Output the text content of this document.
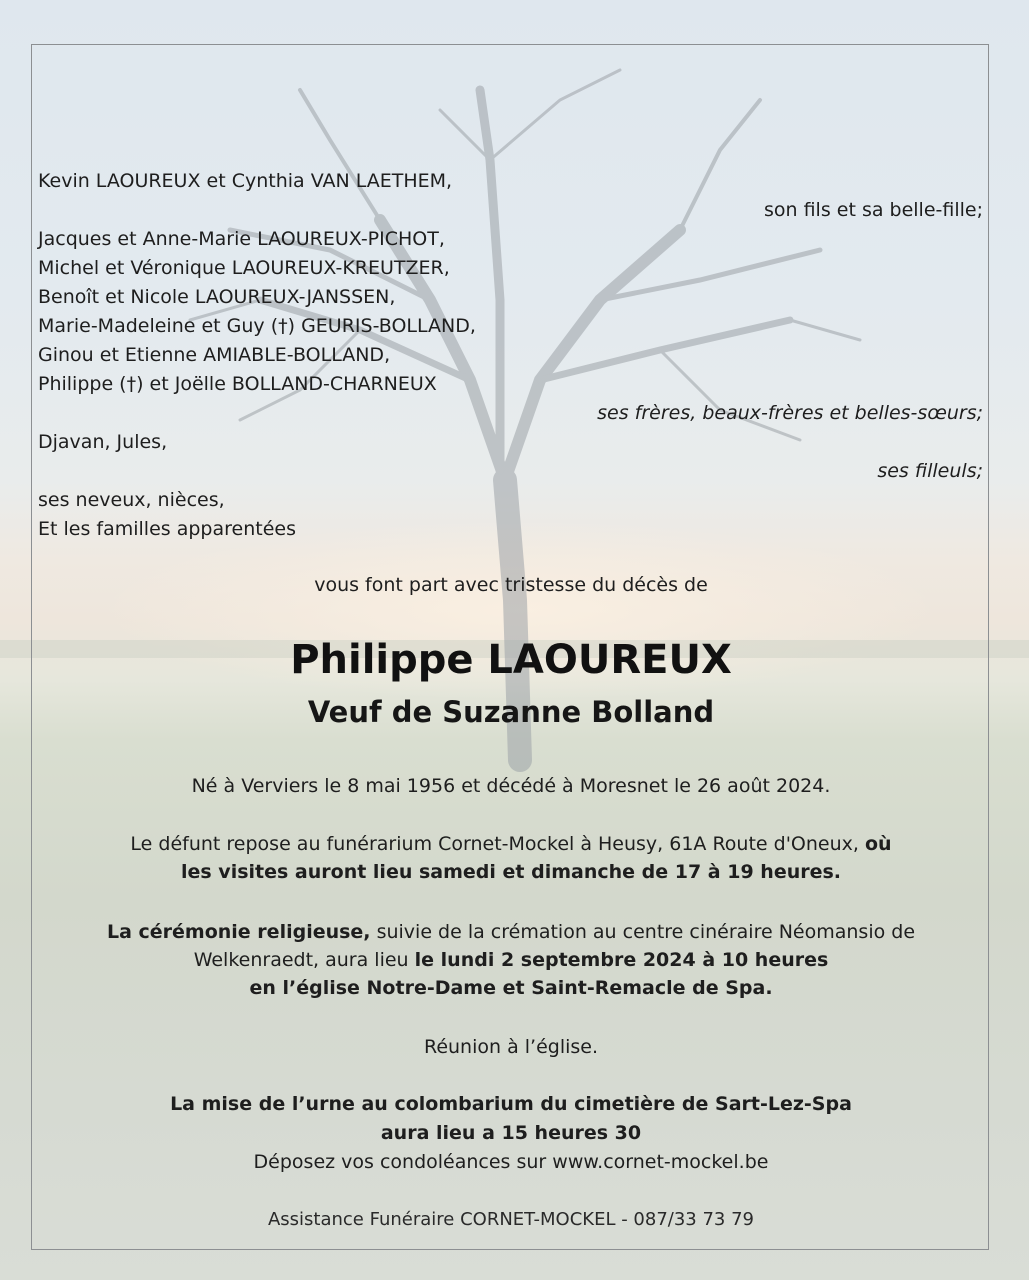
Kevin LAOUREUX et Cynthia VAN LAETHEM,
son fils et sa belle-fille;
Jacques et Anne-Marie LAOUREUX-PICHOT,
Michel et Véronique LAOUREUX-KREUTZER,
Benoît et Nicole LAOUREUX-JANSSEN,
Marie-Madeleine et Guy (†) GEURIS-BOLLAND,
Ginou et Etienne AMIABLE-BOLLAND,
Philippe (†) et Joëlle BOLLAND-CHARNEUX
ses frères, beaux-frères et belles-sœurs;
Djavan, Jules,
ses filleuls;
ses neveux, nièces,
Et les familles apparentées
vous font part avec tristesse du décès de
Philippe LAOUREUX
Veuf de Suzanne Bolland
Né à Verviers le 8 mai 1956 et décédé à Moresnet le 26 août 2024.
Le défunt repose au funérarium Cornet-Mockel à Heusy, 61A Route d'Oneux, où
les visites auront lieu samedi et dimanche de 17 à 19 heures.
La cérémonie religieuse, suivie de la crémation au centre cinéraire Néomansio de
Welkenraedt, aura lieu le lundi 2 septembre 2024 à 10 heures
en l’église Notre-Dame et Saint-Remacle de Spa.
Réunion à l’église.
La mise de l’urne au colombarium du cimetière de Sart-Lez-Spa
aura lieu a 15 heures 30
Déposez vos condoléances sur www.cornet-mockel.be
Assistance Funéraire CORNET-MOCKEL - 087/33 73 79
